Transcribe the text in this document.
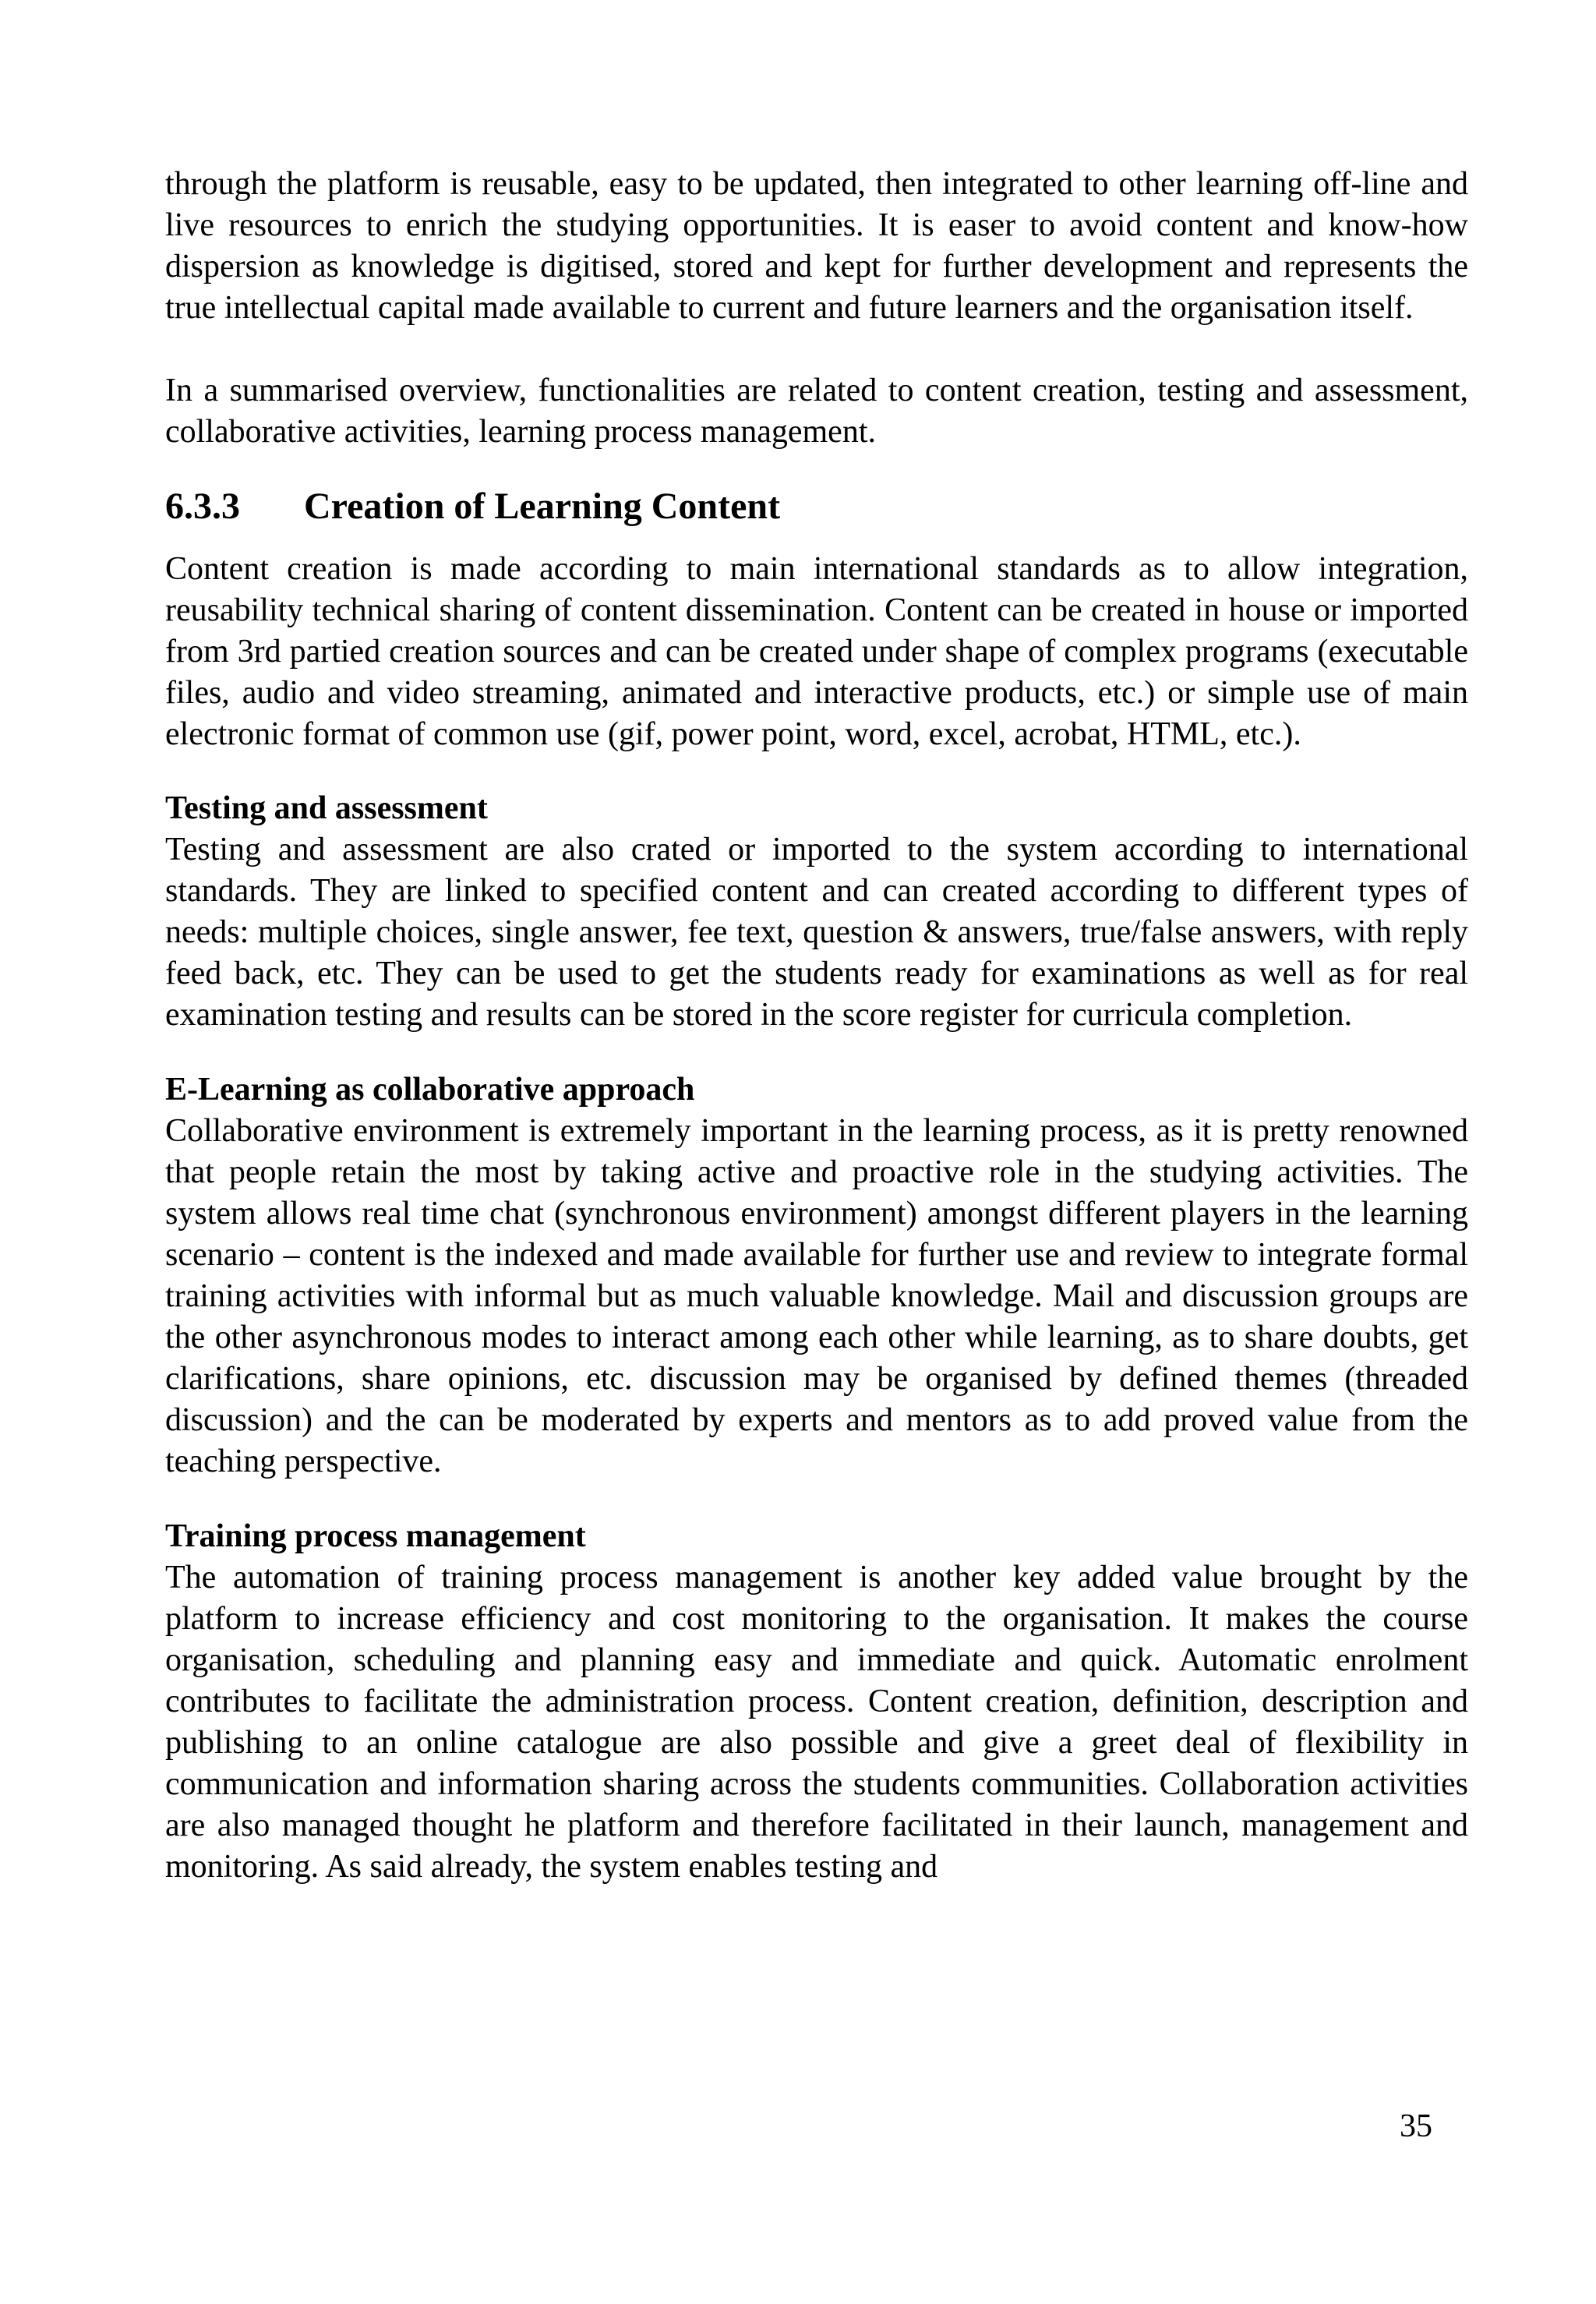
through the platform is reusable, easy to be updated, then integrated to other learning off-line and live resources to enrich the studying opportunities. It is easer to avoid content and know-how dispersion as knowledge is digitised, stored and kept for further development and represents the true intellectual capital made available to current and future learners and the organisation itself.

In a summarised overview, functionalities are related to content creation, testing and assessment, collaborative activities, learning process management.

6.3.3 Creation of Learning Content

Content creation is made according to main international standards as to allow integration, reusability technical sharing of content dissemination. Content can be created in house or imported from 3rd partied creation sources and can be created under shape of complex programs (executable files, audio and video streaming, animated and interactive products, etc.) or simple use of main electronic format of common use (gif, power point, word, excel, acrobat, HTML, etc.).

Testing and assessment

Testing and assessment are also crated or imported to the system according to international standards. They are linked to specified content and can created according to different types of needs: multiple choices, single answer, fee text, question & answers, true/false answers, with reply feed back, etc. They can be used to get the students ready for examinations as well as for real examination testing and results can be stored in the score register for curricula completion.

E-Learning as collaborative approach

Collaborative environment is extremely important in the learning process, as it is pretty renowned that people retain the most by taking active and proactive role in the studying activities. The system allows real time chat (synchronous environment) amongst different players in the learning scenario – content is the indexed and made available for further use and review to integrate formal training activities with informal but as much valuable knowledge. Mail and discussion groups are the other asynchronous modes to interact among each other while learning, as to share doubts, get clarifications, share opinions, etc. discussion may be organised by defined themes (threaded discussion) and the can be moderated by experts and mentors as to add proved value from the teaching perspective.

Training process management

The automation of training process management is another key added value brought by the platform to increase efficiency and cost monitoring to the organisation. It makes the course organisation, scheduling and planning easy and immediate and quick. Automatic enrolment contributes to facilitate the administration process. Content creation, definition, description and publishing to an online catalogue are also possible and give a greet deal of flexibility in communication and information sharing across the students communities. Collaboration activities are also managed thought he platform and therefore facilitated in their launch, management and monitoring. As said already, the system enables testing and

35
